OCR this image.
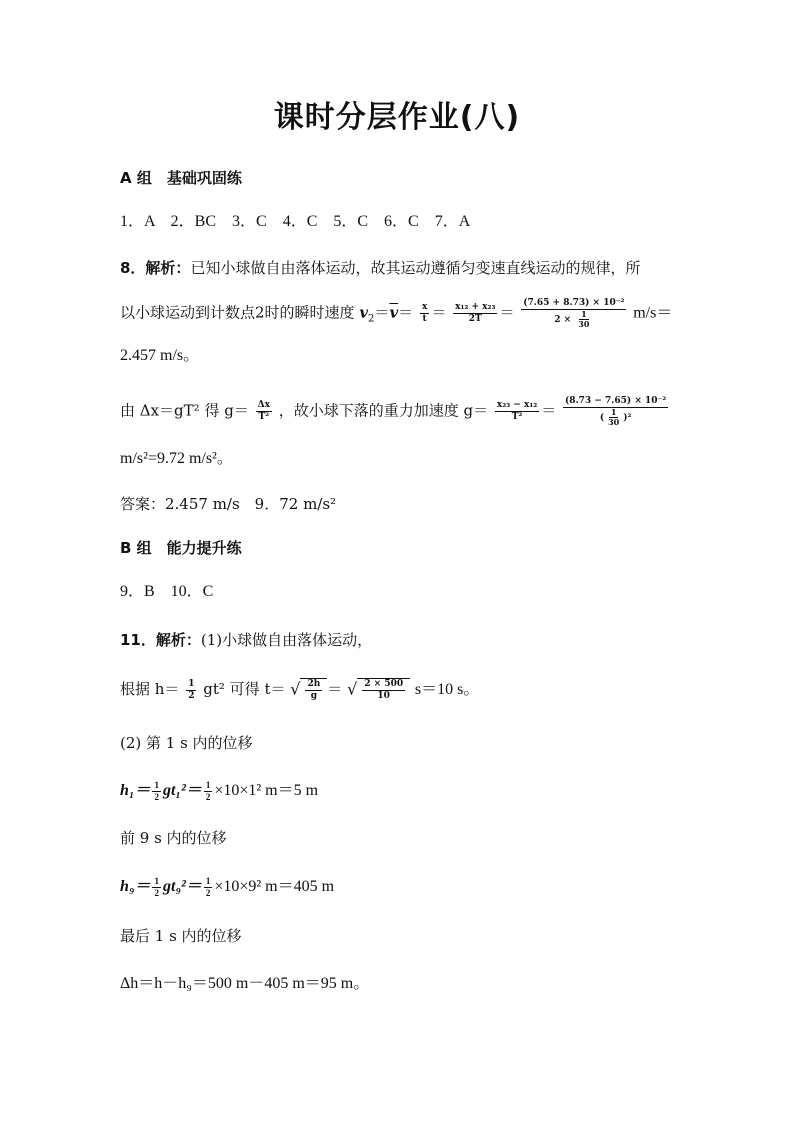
课时分层作业(八)
A 组　基础巩固练
1．A　2．BC　3．C　4．C　5．C　6．C　7．A
8．解析：已知小球做自由落体运动，故其运动遵循匀变速直线运动的规律，所
以小球运动到计数点2时的瞬时速度 $v_2=\overline{v}= \frac{x}{t} = \frac{\text{x₁₂ + x₂₃}}{2T} = \frac{\text{(7.65 + 8.73) × 10⁻²}}{2 \times \frac{1}{30}} m/s=$
2.457 m/s。
由 Δx＝gT² 得 $g= \frac{\Delta x}{\text{T²}}$ ，故小球下落的重力加速度 $g= \frac{\text{x₂₃ − x₁₂}}{\text{T²}} = \frac{\text{(8.73 − 7.65) × 10⁻²}}{( \frac{1}{30} )^2}$
m/s²=9.72 m/s²。
答案：2.457 m/s　9．72 m/s²
B 组　能力提升练
9．B　10．C
11．解析：(1)小球做自由落体运动，
根据 $h= \frac{1}{2} gt^2$ 可得 t＝ √ $\frac{2h}{g}$ ＝ √ $\frac{2 \times 500}{10} s=10$ s。
(2) 第 1 s 内的位移
$h_1= \frac{1}{2} gt_1^2= \frac{1}{2} \times 10\times 1^2$ m＝5 m
前 9 s 内的位移
$h_9= \frac{1}{2} gt_9^2= \frac{1}{2} \times 10\times 9^2$ m＝405 m
最后 1 s 内的位移
Δh＝h－h₉＝500 m－405 m＝95 m。
